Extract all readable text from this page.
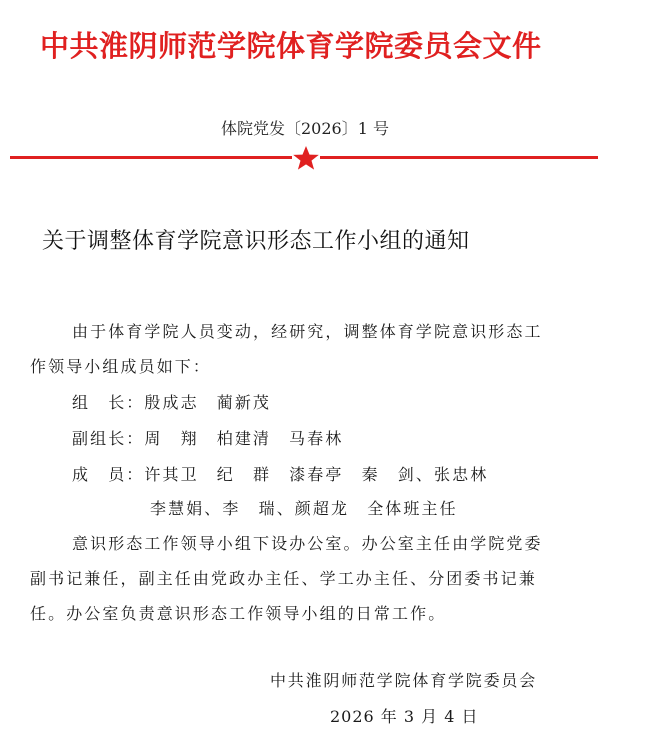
中共淮阴师范学院体育学院委员会文件
体院党发〔2026〕1 号
关于调整体育学院意识形态工作小组的通知
由于体育学院人员变动，经研究，调整体育学院意识形态工
作领导小组成员如下：
组　长：殷成志 蔺新茂
副组长：周　翔 柏建清 马春林
成　员：许其卫　纪　群　漆春亭　秦　剑、张忠林
李慧娟、李　瑞、颜超龙　全体班主任
意识形态工作领导小组下设办公室。办公室主任由学院党委
副书记兼任，副主任由党政办主任、学工办主任、分团委书记兼
任。办公室负责意识形态工作领导小组的日常工作。
中共淮阴师范学院体育学院委员会
2026 年 3 月 4 日
